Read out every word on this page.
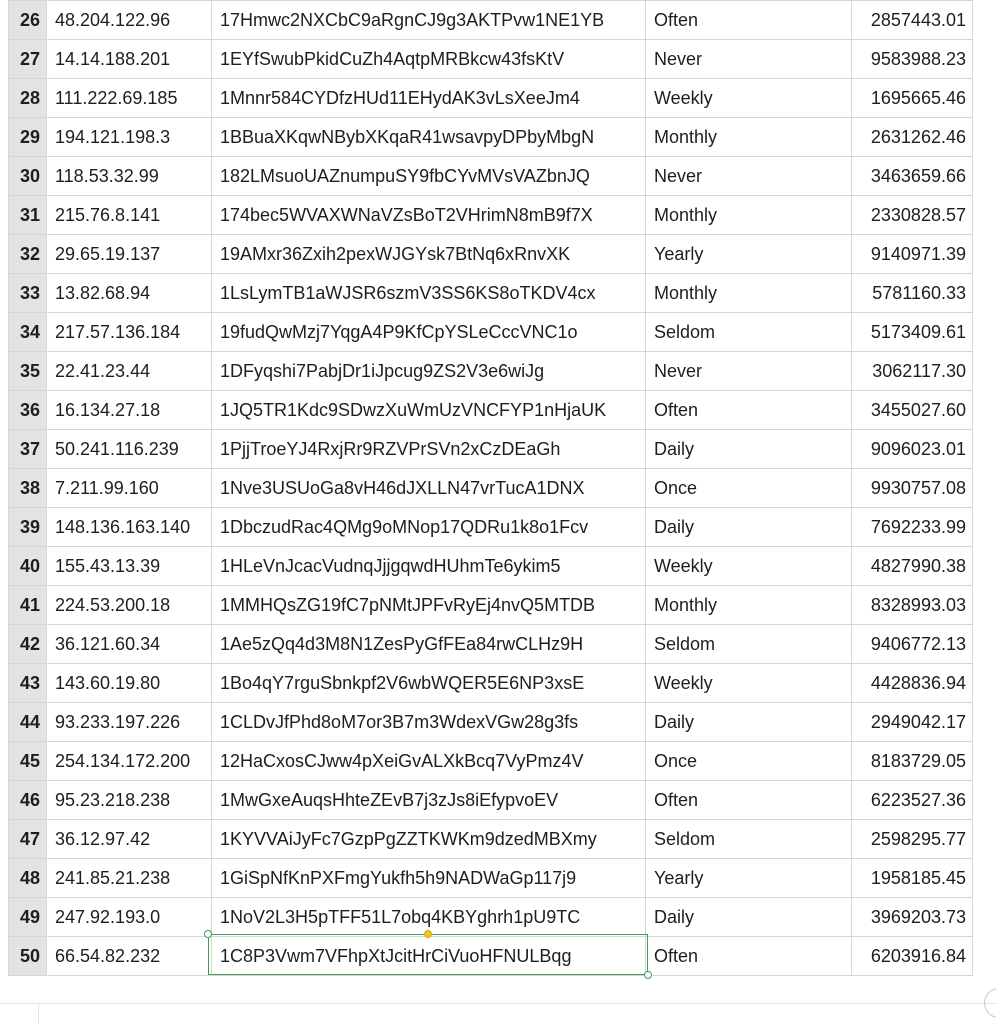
26	48.204.122.96	17Hmwc2NXCbC9aRgnCJ9g3AKTPvw1NE1YB	Often	2857443.01
27	14.14.188.201	1EYfSwubPkidCuZh4AqtpMRBkcw43fsKtV	Never	9583988.23
28	111.222.69.185	1Mnnr584CYDfzHUd11EHydAK3vLsXeeJm4	Weekly	1695665.46
29	194.121.198.3	1BBuaXKqwNBybXKqaR41wsavpyDPbyMbgN	Monthly	2631262.46
30	118.53.32.99	182LMsuoUAZnumpuSY9fbCYvMVsVAZbnJQ	Never	3463659.66
31	215.76.8.141	174bec5WVAXWNaVZsBoT2VHrimN8mB9f7X	Monthly	2330828.57
32	29.65.19.137	19AMxr36Zxih2pexWJGYsk7BtNq6xRnvXK	Yearly	9140971.39
33	13.82.68.94	1LsLymTB1aWJSR6szmV3SS6KS8oTKDV4cx	Monthly	5781160.33
34	217.57.136.184	19fudQwMzj7YqgA4P9KfCpYSLeCccVNC1o	Seldom	5173409.61
35	22.41.23.44	1DFyqshi7PabjDr1iJpcug9ZS2V3e6wiJg	Never	3062117.30
36	16.134.27.18	1JQ5TR1Kdc9SDwzXuWmUzVNCFYP1nHjaUK	Often	3455027.60
37	50.241.116.239	1PjjTroeYJ4RxjRr9RZVPrSVn2xCzDEaGh	Daily	9096023.01
38	7.211.99.160	1Nve3USUoGa8vH46dJXLLN47vrTucA1DNX	Once	9930757.08
39	148.136.163.140	1DbczudRac4QMg9oMNop17QDRu1k8o1Fcv	Daily	7692233.99
40	155.43.13.39	1HLeVnJcacVudnqJjjgqwdHUhmTe6ykim5	Weekly	4827990.38
41	224.53.200.18	1MMHQsZG19fC7pNMtJPFvRyEj4nvQ5MTDB	Monthly	8328993.03
42	36.121.60.34	1Ae5zQq4d3M8N1ZesPyGfFEa84rwCLHz9H	Seldom	9406772.13
43	143.60.19.80	1Bo4qY7rguSbnkpf2V6wbWQER5E6NP3xsE	Weekly	4428836.94
44	93.233.197.226	1CLDvJfPhd8oM7or3B7m3WdexVGw28g3fs	Daily	2949042.17
45	254.134.172.200	12HaCxosCJww4pXeiGvALXkBcq7VyPmz4V	Once	8183729.05
46	95.23.218.238	1MwGxeAuqsHhteZEvB7j3zJs8iEfypvoEV	Often	6223527.36
47	36.12.97.42	1KYVVAiJyFc7GzpPgZZTKWKm9dzedMBXmy	Seldom	2598295.77
48	241.85.21.238	1GiSpNfKnPXFmgYukfh5h9NADWaGp117j9	Yearly	1958185.45
49	247.92.193.0	1NoV2L3H5pTFF51L7obq4KBYghrh1pU9TC	Daily	3969203.73
50	66.54.82.232	1C8P3Vwm7VFhpXtJcitHrCiVuoHFNULBqg	Often	6203916.84
